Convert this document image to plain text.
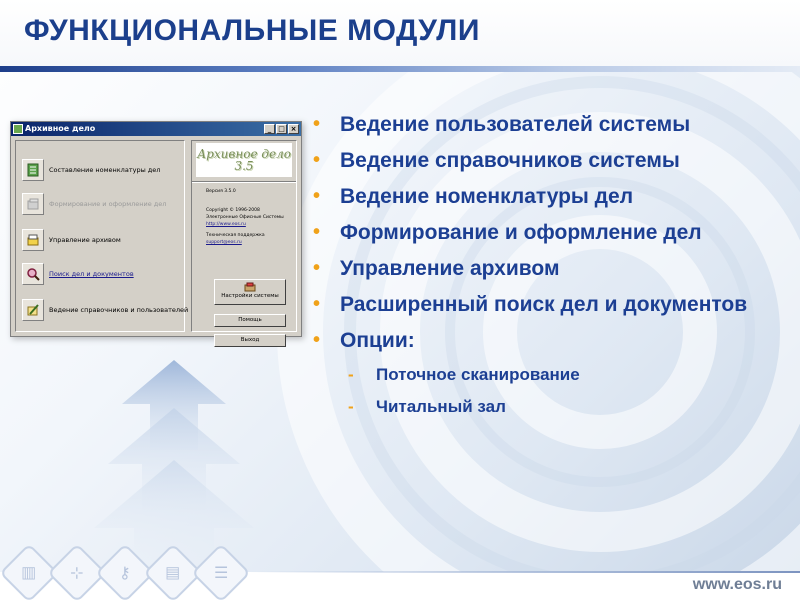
ФУНКЦИОНАЛЬНЫЕ МОДУЛИ
Архивное дело	_ □ ×
Составление номенклатуры дел
Формирование и оформление дел
Управление архивом
Поиск дел и документов
Ведение справочников и пользователей
Архивное дело 3.5
Версия 3.5.0
Copyright © 1996-2008
Электронные Офисные Системы
http://www.eos.ru
Техническая поддержка
support@eos.ru
Настройки системы
Помощь
Выход
• Ведение пользователей системы
• Ведение справочников системы
• Ведение номенклатуры дел
• Формирование и оформление дел
• Управление архивом
• Расширенный поиск дел и документов
• Опции:
- Поточное сканирование
- Читальный зал
▥ ⊹ ⚷ ▤ ☰
www.eos.ru
